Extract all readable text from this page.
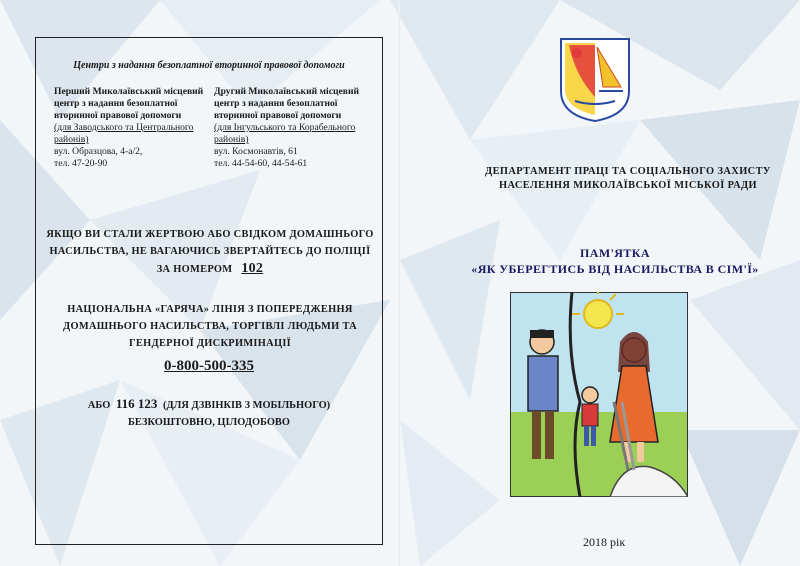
Центри з надання безоплатної вторинної правової допомоги
Перший Миколаївський місцевий центр з надання безоплатної вторинної правової допомоги
(для Заводського та Центрального районів)
вул. Образцова, 4-а/2,
тел. 47-20-90
Другий Миколаївський місцевий центр з надання безоплатної вторинної правової допомоги
(для Інгульського та Корабельного районів)
вул. Космонавтів, 61
тел. 44-54-60, 44-54-61
ЯКЩО ВИ СТАЛИ ЖЕРТВОЮ АБО СВІДКОМ ДОМАШНЬОГО НАСИЛЬСТВА, НЕ ВАГАЮЧИСЬ ЗВЕРТАЙТЕСЬ ДО ПОЛІЦІЇ ЗА НОМЕРОМ 102
НАЦІОНАЛЬНА «ГАРЯЧА» ЛІНІЯ З ПОПЕРЕДЖЕННЯ ДОМАШНЬОГО НАСИЛЬСТВА, ТОРГІВЛІ ЛЮДЬМИ ТА ГЕНДЕРНОЇ ДИСКРИМІНАЦІЇ
0-800-500-335
АБО 116 123 (ДЛЯ ДЗВІНКІВ З МОБІЛЬНОГО)
БЕЗКОШТОВНО, ЦІЛОДОБОВО
ДЕПАРТАМЕНТ ПРАЦІ ТА СОЦІАЛЬНОГО ЗАХИСТУ НАСЕЛЕННЯ МИКОЛАЇВСЬКОЇ МІСЬКОЇ РАДИ
ПАМ'ЯТКА
«ЯК УБЕРЕГТИСЬ ВІД НАСИЛЬСТВА В СІМ'Ї»
2018 рік
